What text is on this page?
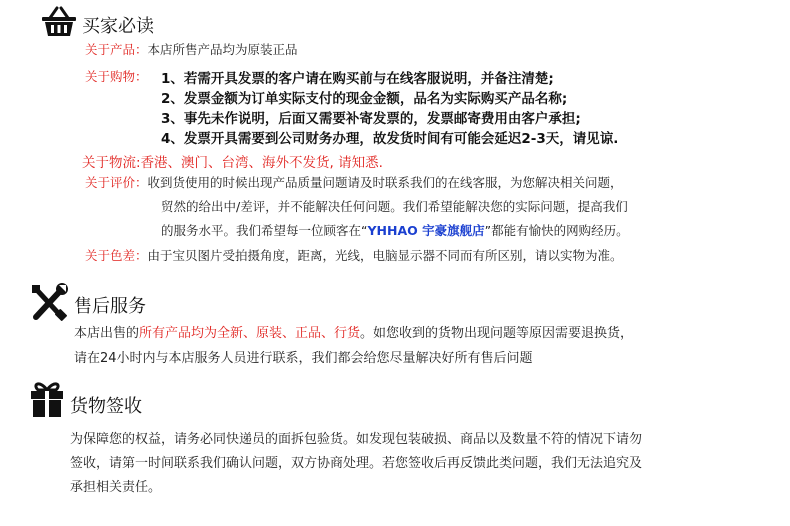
买家必读
关于产品：本店所售产品均为原装正品
关于购物： 1、若需开具发票的客户请在购买前与在线客服说明，并备注清楚;
2、发票金额为订单实际支付的现金金额，品名为实际购买产品名称;
3、事先未作说明，后面又需要补寄发票的，发票邮寄费用由客户承担;
4、发票开具需要到公司财务办理，故发货时间有可能会延迟2-3天，请见谅.
关于物流:香港、澳门、台湾、海外不发货, 请知悉.
关于评价：收到货使用的时候出现产品质量问题请及时联系我们的在线客服，为您解决相关问题，
贸然的给出中/差评，并不能解决任何问题。我们希望能解决您的实际问题，提高我们
的服务水平。我们希望每一位顾客在“YHHAO 宇豪旗舰店”都能有愉快的网购经历。
关于色差：由于宝贝图片受拍摄角度，距离，光线，电脑显示器不同而有所区别，请以实物为准。
售后服务
本店出售的所有产品均为全新、原装、正品、行货。如您收到的货物出现问题等原因需要退换货，
请在24小时内与本店服务人员进行联系，我们都会给您尽量解决好所有售后问题
货物签收
为保障您的权益，请务必同快递员的面拆包验货。如发现包装破损、商品以及数量不符的情况下请勿
签收，请第一时间联系我们确认问题，双方协商处理。若您签收后再反馈此类问题，我们无法追究及
承担相关责任。
